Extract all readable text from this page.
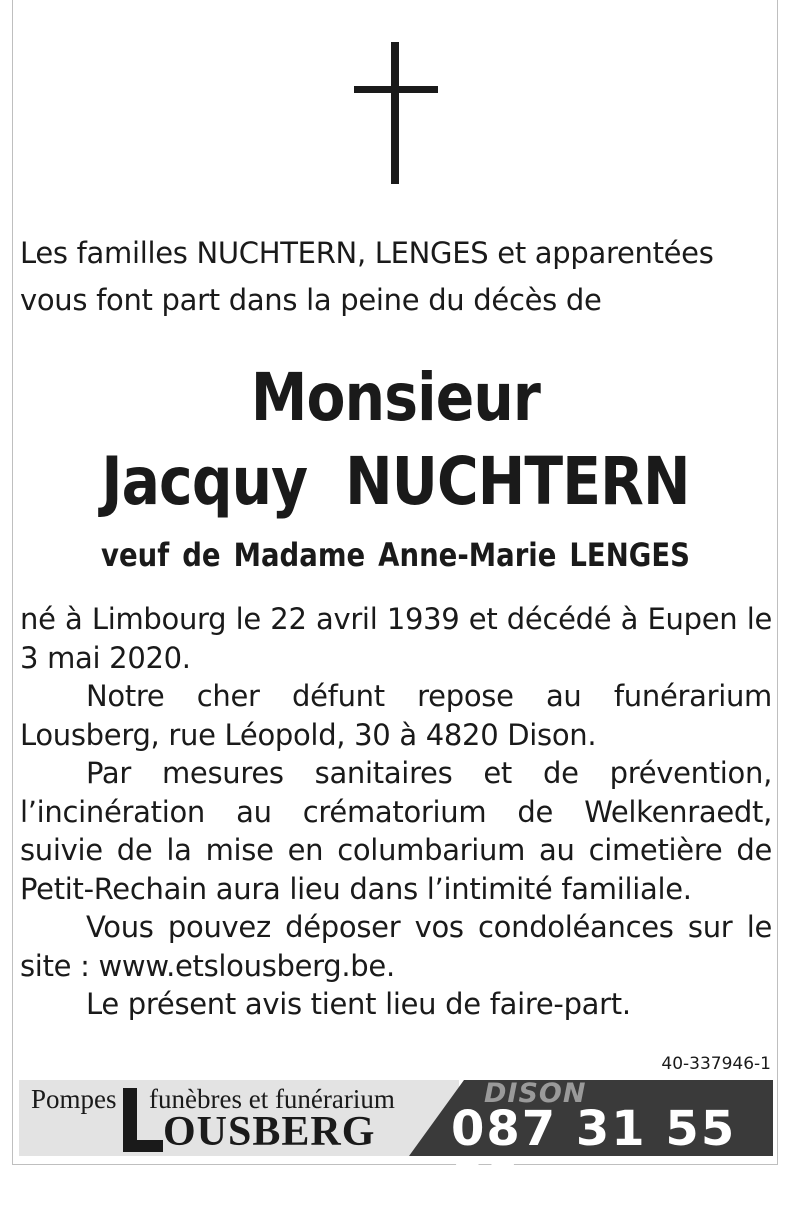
Les familles NUCHTERN, LENGES et apparentées

vous font part dans la peine du décès de

Monsieur
Jacquy  NUCHTERN
veuf de Madame Anne-Marie LENGES

né à Limbourg le 22 avril 1939 et décédé à Eupen le 3 mai 2020.

Notre cher défunt repose au funérarium Lousberg, rue Léopold, 30 à 4820 Dison.

Par mesures sanitaires et de prévention, l’incinération au crématorium de Welkenraedt, suivie de la mise en columbarium au cimetière de Petit-Rechain aura lieu dans l’intimité familiale.

Vous pouvez déposer vos condoléances sur le site : www.etslousberg.be.

Le présent avis tient lieu de faire-part.

40-337946-1
Pompes funèbres et funérarium
OUSBERG
DISON
087 31 55 55
